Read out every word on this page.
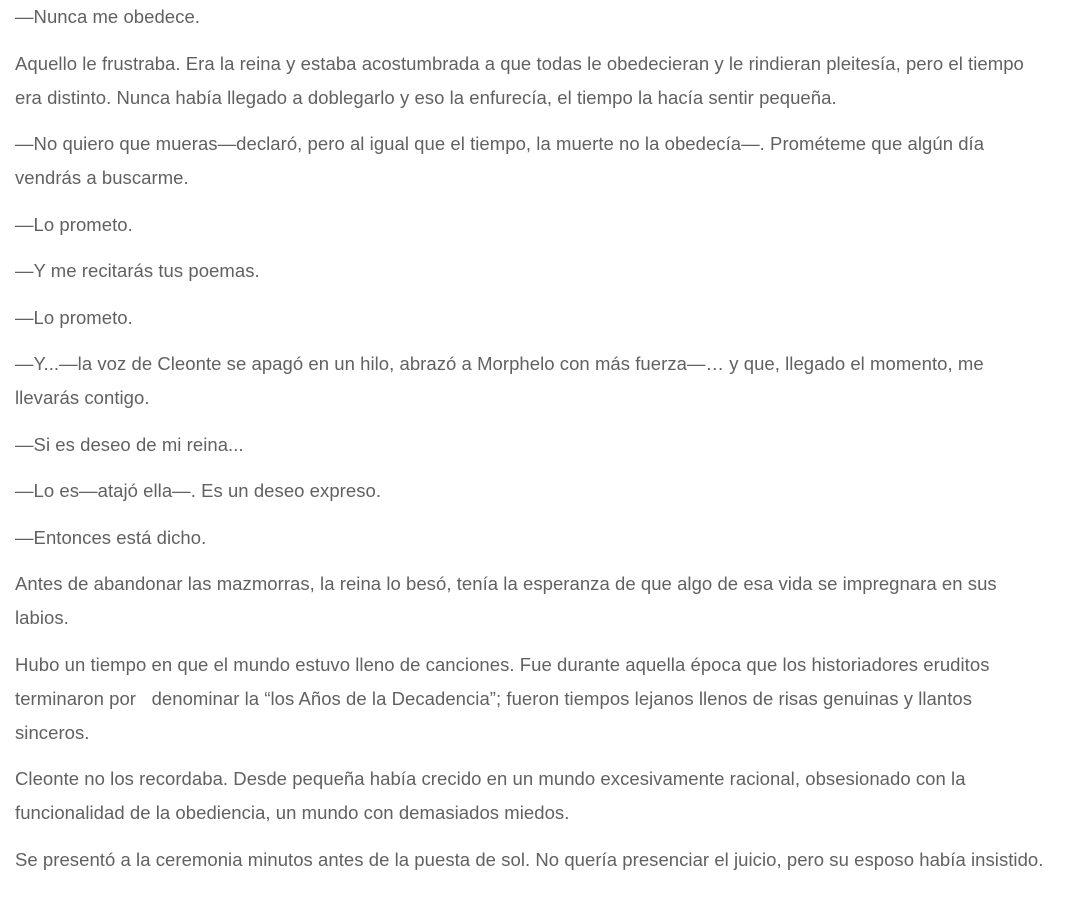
—Nunca me obedece.

Aquello le frustraba. Era la reina y estaba acostumbrada a que todas le obedecieran y le rindieran pleitesía, pero el tiempo era distinto. Nunca había llegado a doblegarlo y eso la enfurecía, el tiempo la hacía sentir pequeña.

—No quiero que mueras—declaró, pero al igual que el tiempo, la muerte no la obedecía—. Prométeme que algún día vendrás a buscarme.

—Lo prometo.

—Y me recitarás tus poemas.

—Lo prometo.

—Y...—la voz de Cleonte se apagó en un hilo, abrazó a Morphelo con más fuerza—… y que, llegado el momento, me llevarás contigo.

—Si es deseo de mi reina...

—Lo es—atajó ella—. Es un deseo expreso.

—Entonces está dicho.

Antes de abandonar las mazmorras, la reina lo besó, tenía la esperanza de que algo de esa vida se impregnara en sus labios.

Hubo un tiempo en que el mundo estuvo lleno de canciones. Fue durante aquella época que los historiadores eruditos terminaron por   denominar la “los Años de la Decadencia”; fueron tiempos lejanos llenos de risas genuinas y llantos sinceros.

Cleonte no los recordaba. Desde pequeña había crecido en un mundo excesivamente racional, obsesionado con la funcionalidad de la obediencia, un mundo con demasiados miedos.

Se presentó a la ceremonia minutos antes de la puesta de sol. No quería presenciar el juicio, pero su esposo había insistido.
